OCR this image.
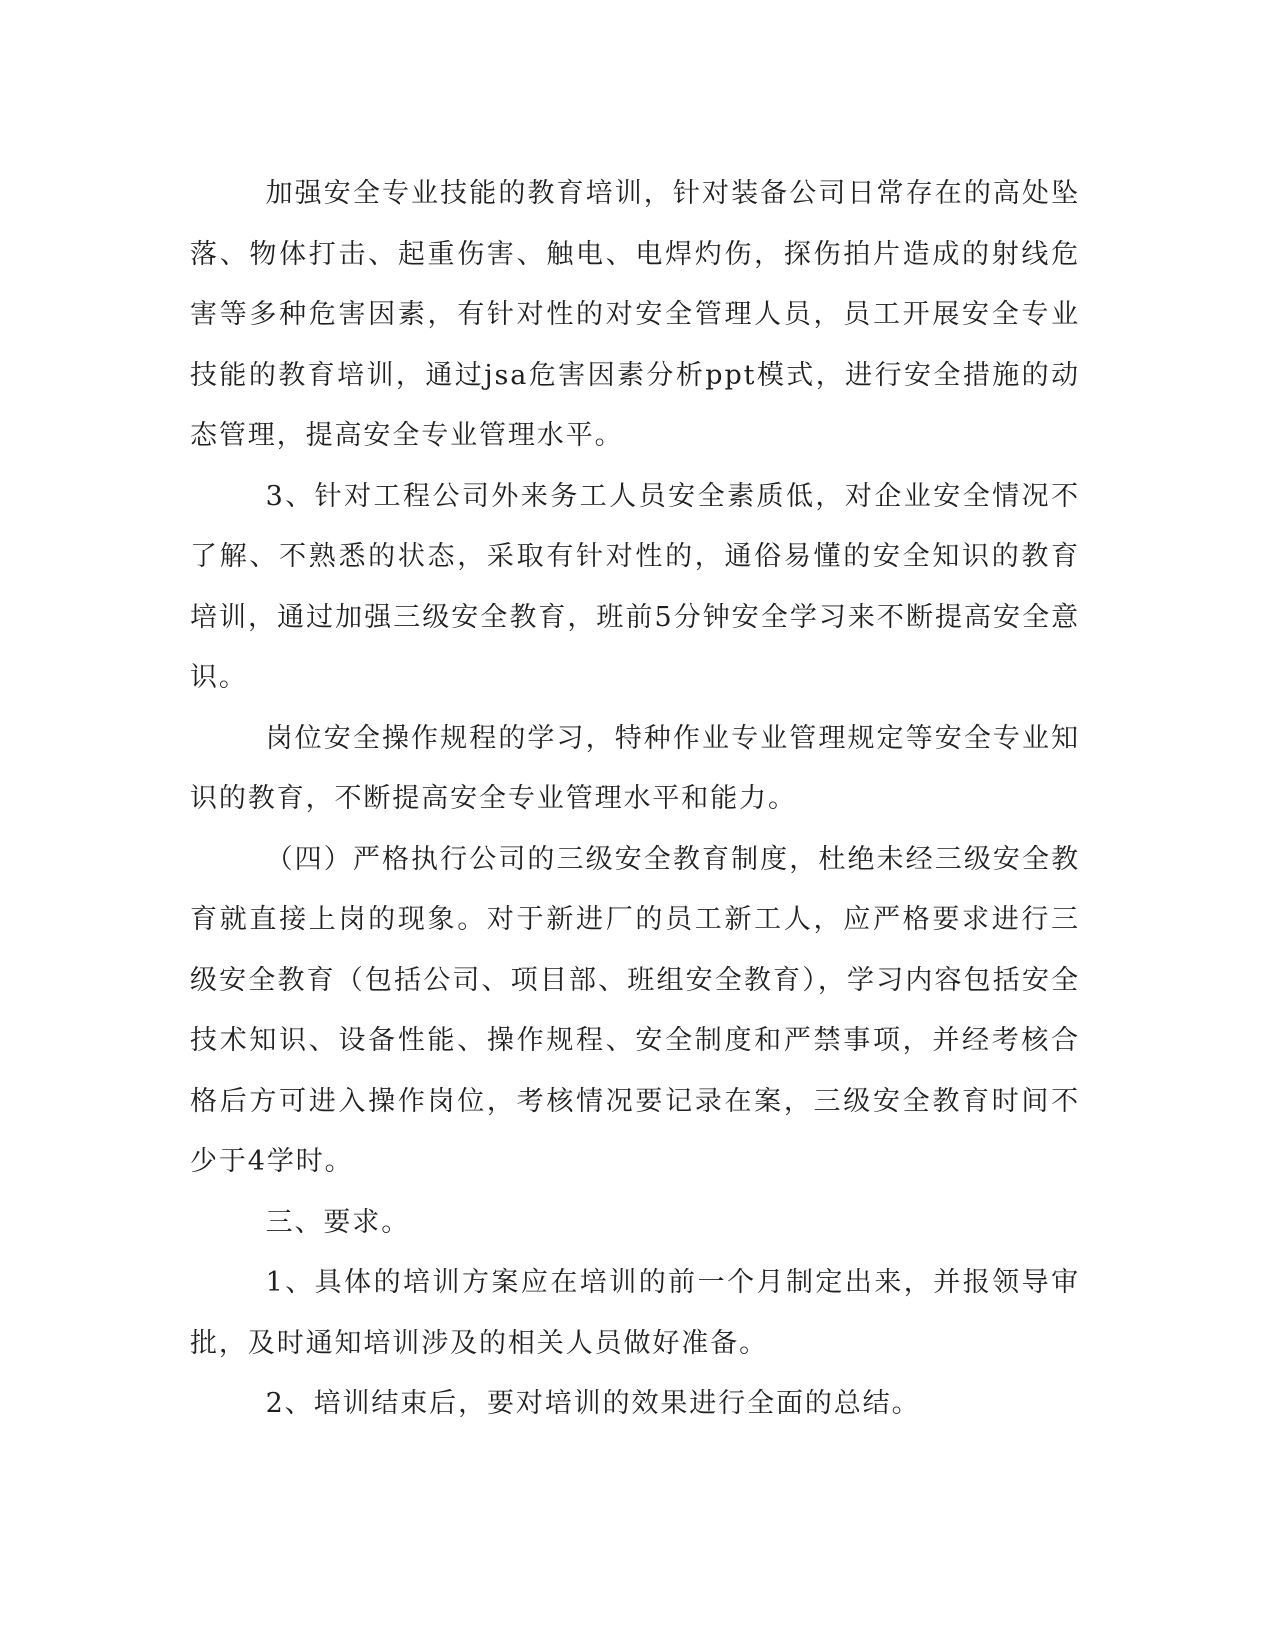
加强安全专业技能的教育培训，针对装备公司日常存在的高处坠落、物体打击、起重伤害、触电、电焊灼伤，探伤拍片造成的射线危害等多种危害因素，有针对性的对安全管理人员，员工开展安全专业技能的教育培训，通过jsa危害因素分析ppt模式，进行安全措施的动态管理，提高安全专业管理水平。

3、针对工程公司外来务工人员安全素质低，对企业安全情况不了解、不熟悉的状态，采取有针对性的，通俗易懂的安全知识的教育培训，通过加强三级安全教育，班前5分钟安全学习来不断提高安全意识。

岗位安全操作规程的学习，特种作业专业管理规定等安全专业知识的教育，不断提高安全专业管理水平和能力。

（四）严格执行公司的三级安全教育制度，杜绝未经三级安全教育就直接上岗的现象。对于新进厂的员工新工人，应严格要求进行三级安全教育（包括公司、项目部、班组安全教育），学习内容包括安全技术知识、设备性能、操作规程、安全制度和严禁事项，并经考核合格后方可进入操作岗位，考核情况要记录在案，三级安全教育时间不少于4学时。

三、要求。

1、具体的培训方案应在培训的前一个月制定出来，并报领导审批，及时通知培训涉及的相关人员做好准备。

2、培训结束后，要对培训的效果进行全面的总结。
